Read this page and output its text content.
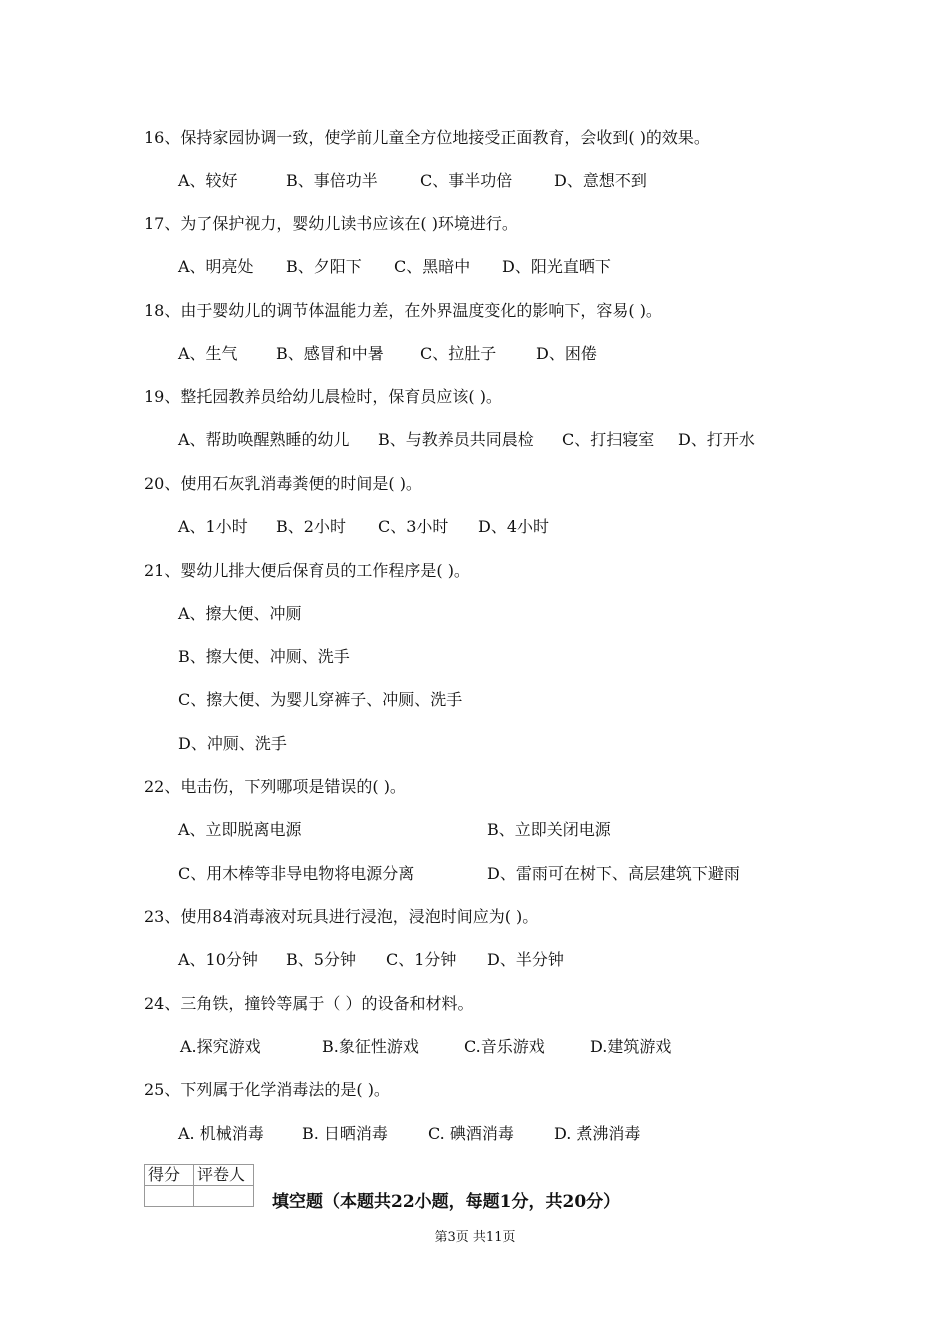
16、保持家园协调一致，使学前儿童全方位地接受正面教育，会收到( )的效果。
A、较好	B、事倍功半	C、事半功倍	D、意想不到
17、为了保护视力，婴幼儿读书应该在( )环境进行。
A、明亮处 B、夕阳下 C、黑暗中 D、阳光直晒下
18、由于婴幼儿的调节体温能力差，在外界温度变化的影响下，容易( )。
A、生气 B、感冒和中暑 C、拉肚子 D、困倦
19、整托园教养员给幼儿晨检时，保育员应该( )。
A、帮助唤醒熟睡的幼儿 B、与教养员共同晨检 C、打扫寝室 D、打开水
20、使用石灰乳消毒粪便的时间是( )。
A、1小时 B、2小时 C、3小时 D、4小时
21、婴幼儿排大便后保育员的工作程序是( )。
A、擦大便、冲厕
B、擦大便、冲厕、洗手
C、擦大便、为婴儿穿裤子、冲厕、洗手
D、冲厕、洗手
22、电击伤，下列哪项是错误的( )。
A、立即脱离电源	B、立即关闭电源
C、用木棒等非导电物将电源分离	D、雷雨可在树下、高层建筑下避雨
23、使用84消毒液对玩具进行浸泡，浸泡时间应为( )。
A、10分钟 B、5分钟 C、1分钟 D、半分钟
24、三角铁，撞铃等属于（ ）的设备和材料。
A.探究游戏	B.象征性游戏	C.音乐游戏	D.建筑游戏
25、下列属于化学消毒法的是( )。
A. 机械消毒 B. 日晒消毒	C. 碘酒消毒	D. 煮沸消毒
得分	评卷人

填空题（本题共22小题，每题1分，共20分）
第3页 共11页
